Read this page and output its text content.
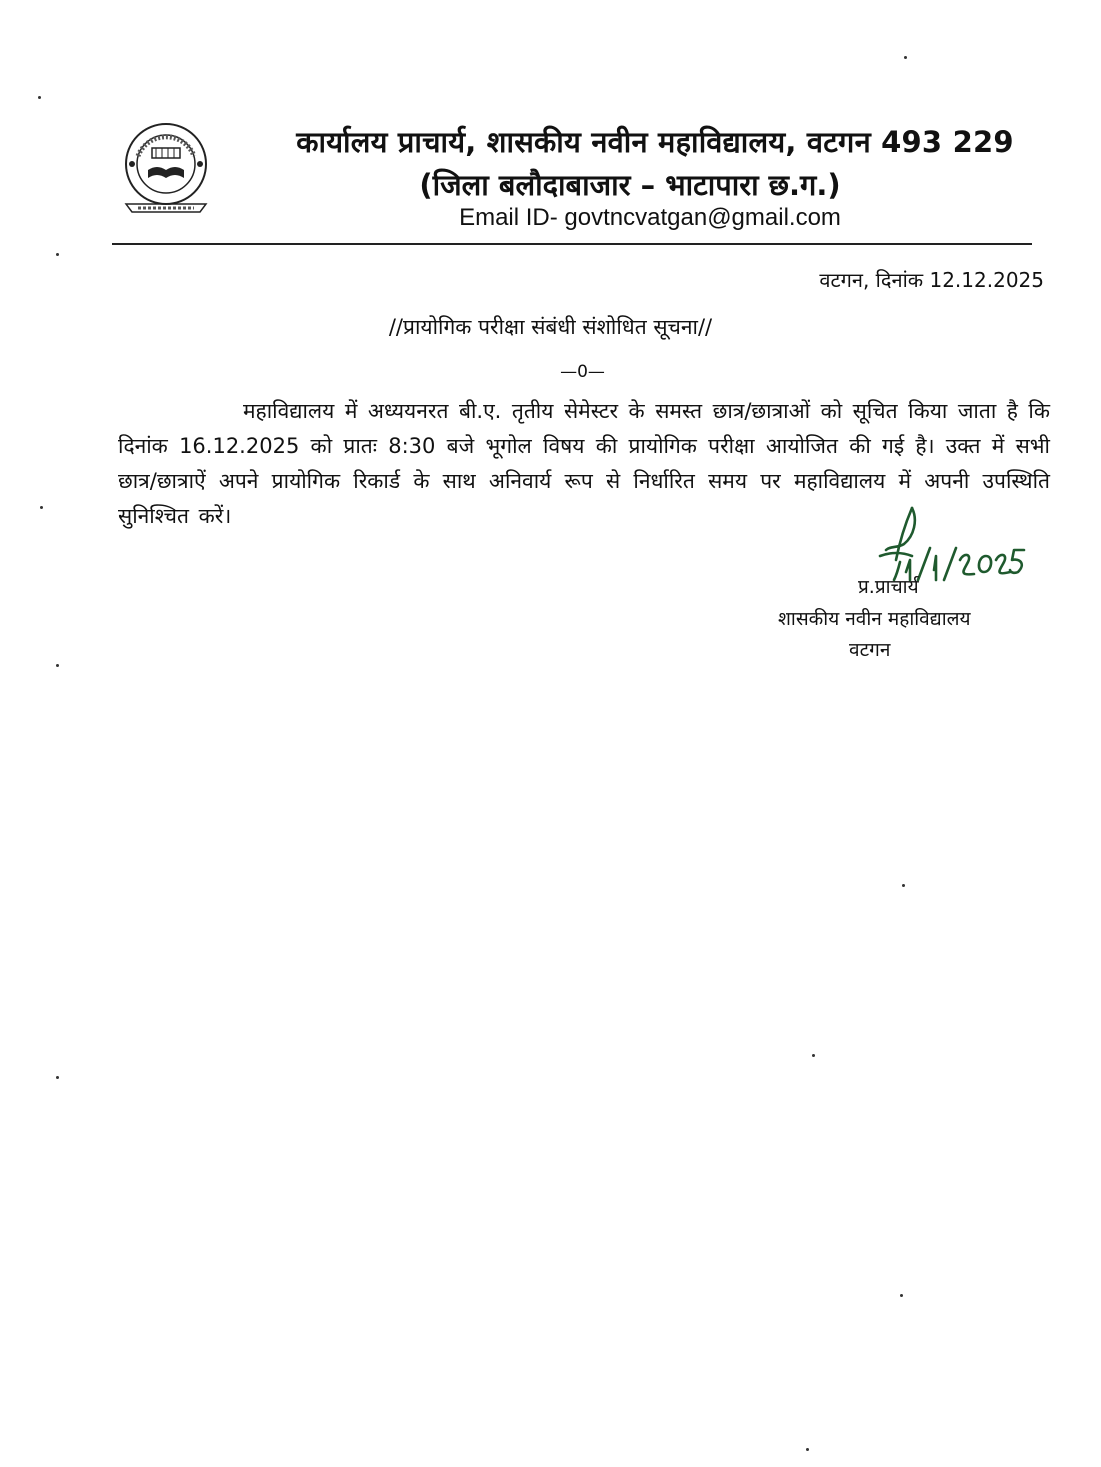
कार्यालय प्राचार्य, शासकीय नवीन महाविद्यालय, वटगन 493 229
(जिला बलौदाबाजार – भाटापारा छ.ग.)
Email ID- govtncvatgan@gmail.com
वटगन, दिनांक 12.12.2025
//प्रायोगिक परीक्षा संबंधी संशोधित सूचना//
—0—
महाविद्यालय में अध्ययनरत बी.ए. तृतीय सेमेस्टर के समस्त छात्र/छात्राओं को सूचित किया जाता है कि दिनांक 16.12.2025 को प्रातः 8:30 बजे भूगोल विषय की प्रायोगिक परीक्षा आयोजित की गई है। उक्त में सभी छात्र/छात्राऐं अपने प्रायोगिक रिकार्ड के साथ अनिवार्य रूप से निर्धारित समय पर महाविद्यालय में अपनी उपस्थिति सुनिश्चित करें।
प्र.प्राचार्य
शासकीय नवीन महाविद्यालय
वटगन
